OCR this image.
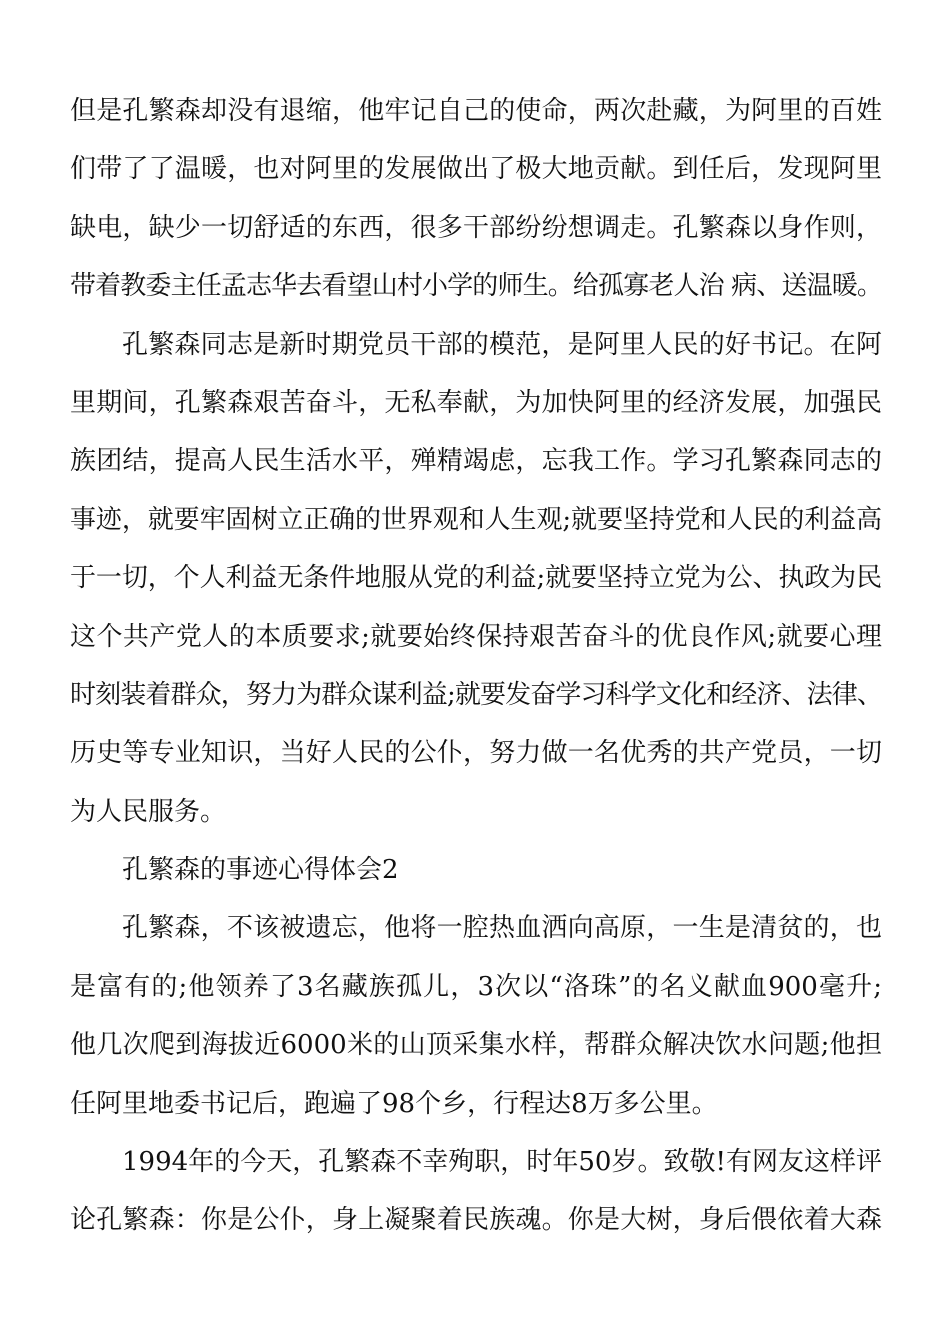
但是孔繁森却没有退缩，他牢记自己的使命，两次赴藏，为阿里的百姓
们带了了温暖，也对阿里的发展做出了极大地贡献。到任后，发现阿里
缺电，缺少一切舒适的东西，很多干部纷纷想调走。孔繁森以身作则，
带着教委主任孟志华去看望山村小学的师生。给孤寡老人治 病、送温暖。
孔繁森同志是新时期党员干部的模范，是阿里人民的好书记。在阿
里期间，孔繁森艰苦奋斗，无私奉献，为加快阿里的经济发展，加强民
族团结，提高人民生活水平，殚精竭虑，忘我工作。学习孔繁森同志的
事迹，就要牢固树立正确的世界观和人生观;就要坚持党和人民的利益高
于一切，个人利益无条件地服从党的利益;就要坚持立党为公、执政为民
这个共产党人的本质要求;就要始终保持艰苦奋斗的优良作风;就要心理
时刻装着群众，努力为群众谋利益;就要发奋学习科学文化和经济、法律、
历史等专业知识，当好人民的公仆，努力做一名优秀的共产党员，一切
为人民服务。
孔繁森的事迹心得体会2
孔繁森，不该被遗忘，他将一腔热血洒向高原，一生是清贫的，也
是富有的;他领养了3名藏族孤儿，3次以“洛珠”的名义献血900毫升;
他几次爬到海拔近6000米的山顶采集水样，帮群众解决饮水问题;他担
任阿里地委书记后，跑遍了98个乡，行程达8万多公里。
1994年的今天，孔繁森不幸殉职，时年50岁。致敬!有网友这样评
论孔繁森：你是公仆，身上凝聚着民族魂。你是大树，身后偎依着大森
